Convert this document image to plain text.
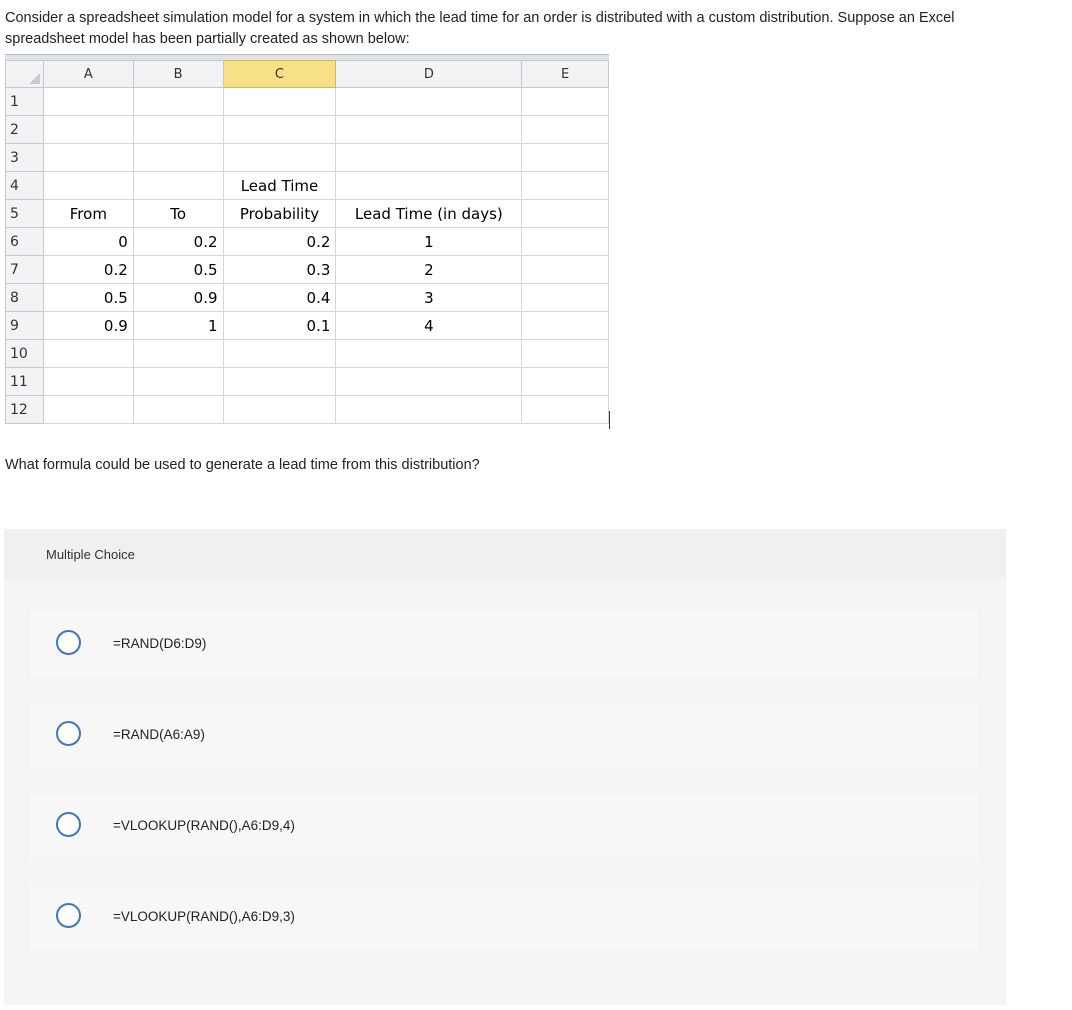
Consider a spreadsheet simulation model for a system in which the lead time for an order is distributed with a custom distribution. Suppose an Excel spreadsheet model has been partially created as shown below:
	A	B	C	D	E
1					
2					
3					
4			Lead Time		
5	From	To	Probability	Lead Time (in days)	
6	0	0.2	0.2	1	
7	0.2	0.5	0.3	2	
8	0.5	0.9	0.4	3	
9	0.9	1	0.1	4	
10					
11					
12					
What formula could be used to generate a lead time from this distribution?
Multiple Choice
=RAND(D6:D9)
=RAND(A6:A9)
=VLOOKUP(RAND(),A6:D9,4)
=VLOOKUP(RAND(),A6:D9,3)
